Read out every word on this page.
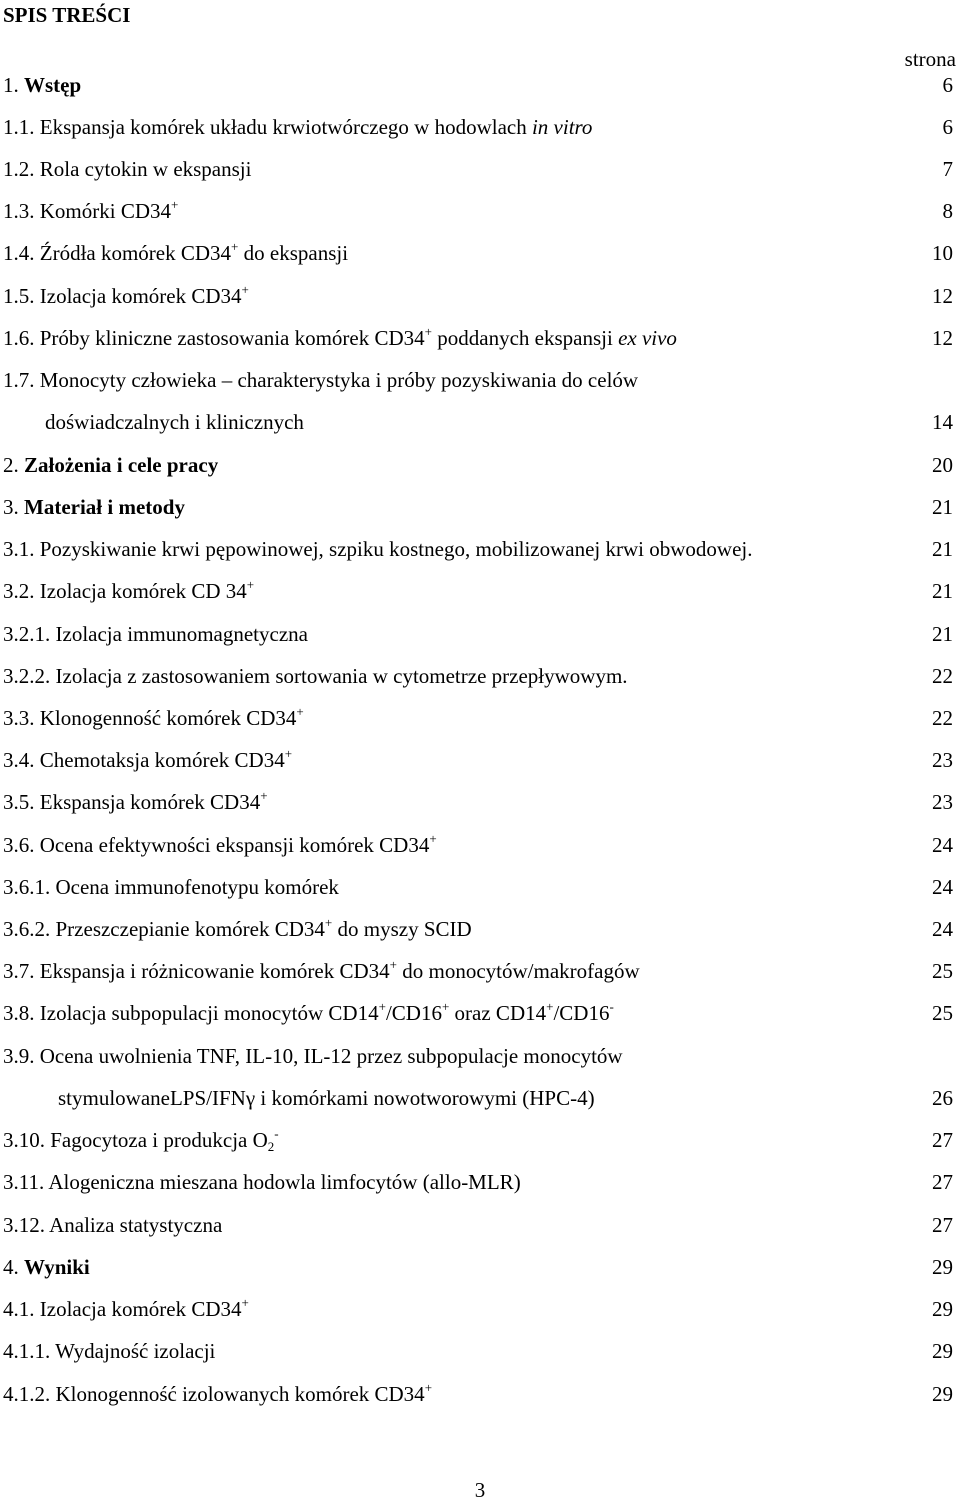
SPIS TREŚCI
strona
1. Wstęp	6
1.1. Ekspansja komórek układu krwiotwórczego w hodowlach in vitro	6
1.2. Rola cytokin w ekspansji	7
1.3. Komórki CD34+	8
1.4. Źródła komórek CD34+ do ekspansji	10
1.5. Izolacja komórek CD34+	12
1.6. Próby kliniczne zastosowania komórek CD34+ poddanych ekspansji ex vivo	12
1.7. Monocyty człowieka – charakterystyka i próby pozyskiwania do celów
doświadczalnych i klinicznych	14
2. Założenia i cele pracy	20
3. Materiał i metody	21
3.1. Pozyskiwanie krwi pępowinowej, szpiku kostnego, mobilizowanej krwi obwodowej.	21
3.2. Izolacja komórek CD 34+	21
3.2.1. Izolacja immunomagnetyczna	21
3.2.2. Izolacja z zastosowaniem sortowania w cytometrze przepływowym.	22
3.3. Klonogenność komórek CD34+	22
3.4. Chemotaksja komórek CD34+	23
3.5. Ekspansja komórek CD34+	23
3.6. Ocena efektywności ekspansji komórek CD34+	24
3.6.1. Ocena immunofenotypu komórek	24
3.6.2. Przeszczepianie komórek CD34+ do myszy SCID	24
3.7. Ekspansja i różnicowanie komórek CD34+ do monocytów/makrofagów	25
3.8. Izolacja subpopulacji monocytów CD14+/CD16+ oraz CD14+/CD16-	25
3.9. Ocena uwolnienia TNF, IL-10, IL-12 przez subpopulacje monocytów
stymulowaneLPS/IFNγ i komórkami nowotworowymi (HPC-4)	26
3.10. Fagocytoza i produkcja $O_2^-$	27
3.11. Alogeniczna mieszana hodowla limfocytów (allo-MLR)	27
3.12. Analiza statystyczna	27
4. Wyniki	29
4.1. Izolacja komórek CD34+	29
4.1.1. Wydajność izolacji	29
4.1.2. Klonogenność izolowanych komórek CD34+	29
3
